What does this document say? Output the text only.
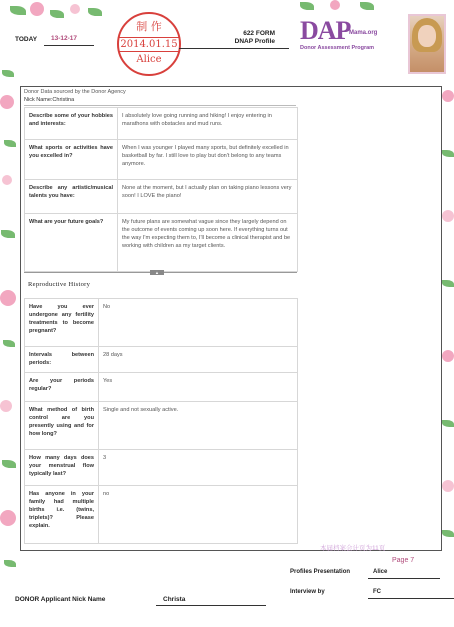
TODAY 13-12-17
制 作
2014.01.15
Alice
622 FORM
DNAP Profile DAP
Mama.org
Donor Assessment Program
Donor Data sourced by the Donor Agency
Nick Name:Christina
Describe some of your hobbies and interests:	I absolutely love going running and hiking! I enjoy entering in marathons with obstacles and mud runs.
What sports or activities have you excelled in?	When I was younger I played many sports, but definitely excelled in basketball by far. I still love to play but don't belong to any teams anymore.
Describe any artistic/musical talents you have:	None at the moment, but I actually plan on taking piano lessons very soon! I LOVE the piano!
What are your future goals?	My future plans are somewhat vague since they largely depend on the outcome of events coming up soon here. If everything turns out the way I'm expecting them to, I'll become a clinical therapist and be working with children as my target clients.
▲
Reproductive History
Have you ever undergone any fertility treatments to become pregnant?	No
Intervals between periods:	28 days
Are your periods regular?	Yes
What method of birth control are you presently using and for how long?	Single and not sexually active.
How many days does your menstrual flow typically last?	3
Has anyone in your family had multiple births i.e. (twins, triplets)? Please explain.	no
本届档案会计页为11页
Page 7
Profiles Presentation	Alice
Interview by	FC
DONOR Applicant Nick Name	Christa
